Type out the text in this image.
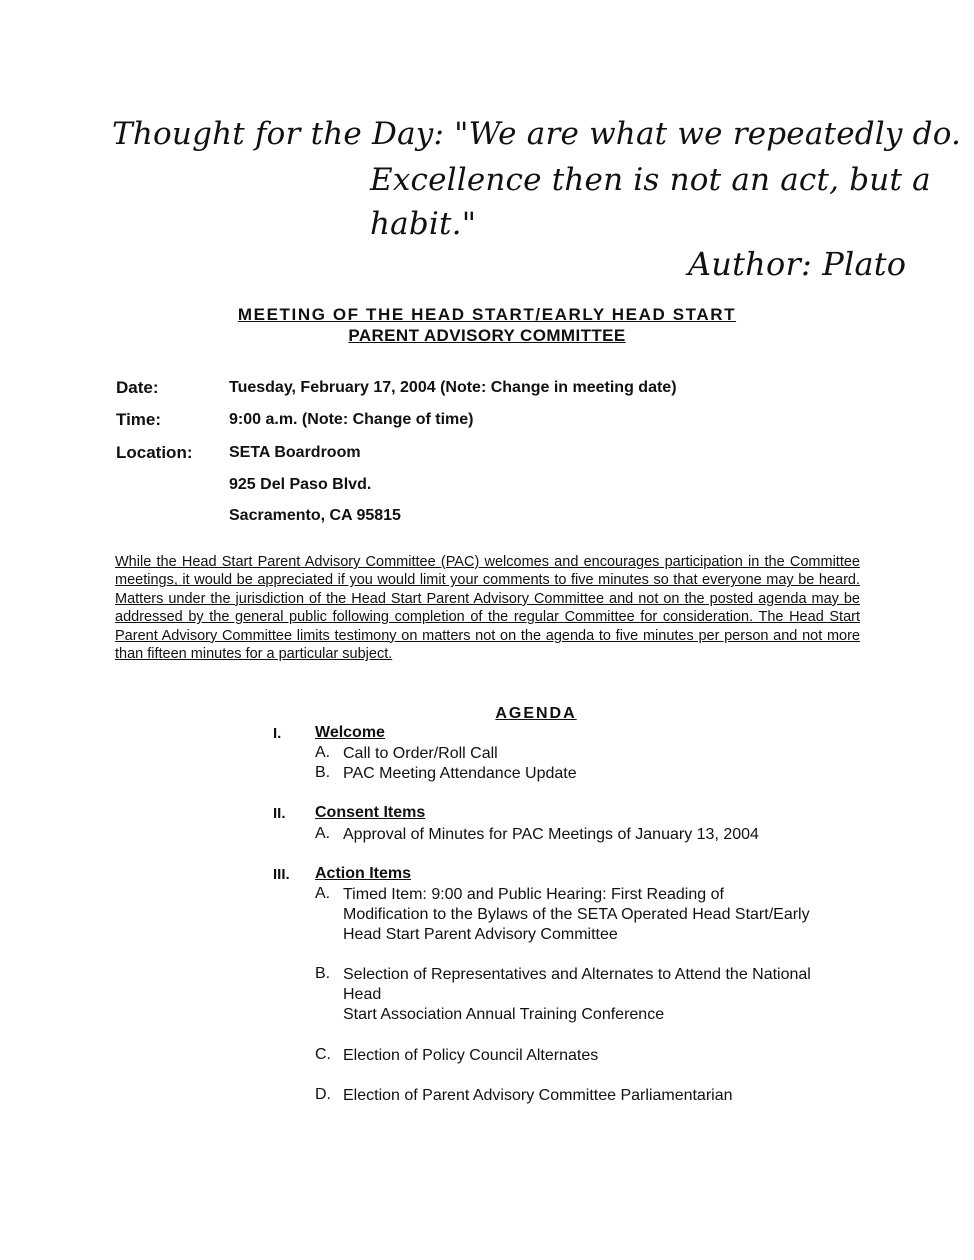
Thought for the Day: "We are what we repeatedly do.
Excellence then is not an act, but a
habit."
Author: Plato
MEETING OF THE HEAD START/EARLY HEAD START
PARENT ADVISORY COMMITTEE
Date:	Tuesday, February 17, 2004 (Note: Change in meeting date)
Time:	9:00 a.m. (Note: Change of time)
Location: SETA Boardroom
925 Del Paso Blvd.
Sacramento, CA 95815
While the Head Start Parent Advisory Committee (PAC) welcomes and encourages participation in the Committee meetings, it would be appreciated if you would limit your comments to five minutes so that everyone may be heard. Matters under the jurisdiction of the Head Start Parent Advisory Committee and not on the posted agenda may be addressed by the general public following completion of the regular Committee for consideration. The Head Start Parent Advisory Committee limits testimony on matters not on the agenda to five minutes per person and not more than fifteen minutes for a particular subject.
AGENDA
I. Welcome
A. Call to Order/Roll Call
B. PAC Meeting Attendance Update
II. Consent Items
A. Approval of Minutes for PAC Meetings of January 13, 2004
III. Action Items
A. Timed Item: 9:00 and Public Hearing: First Reading of
Modification to the Bylaws of the SETA Operated Head Start/Early
Head Start Parent Advisory Committee
B. Selection of Representatives and Alternates to Attend the National
Head
Start Association Annual Training Conference
C. Election of Policy Council Alternates
D. Election of Parent Advisory Committee Parliamentarian
